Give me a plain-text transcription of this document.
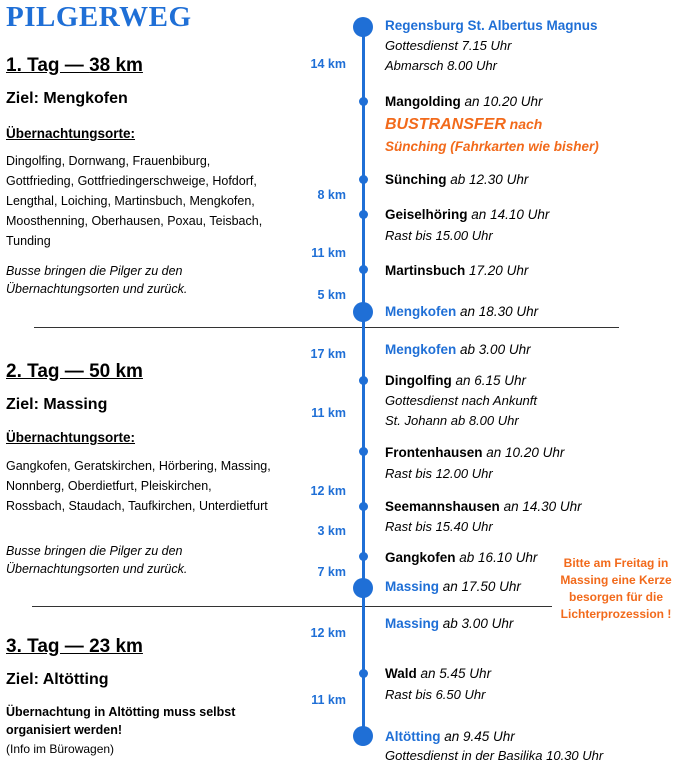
PILGERWEG
1. Tag — 38 km
Ziel: Mengkofen
Übernachtungsorte:
Dingolfing, Dornwang, Frauenbiburg, Gottfrieding, Gottfriedingerschweige, Hofdorf, Lengthal, Loiching, Martinsbuch, Mengkofen, Moosthenning, Oberhausen, Poxau, Teisbach, Tunding
Busse bringen die Pilger zu den Übernachtungsorten und zurück.
2. Tag — 50 km
Ziel: Massing
Übernachtungsorte:
Gangkofen, Geratskirchen, Hörbering, Massing, Nonnberg, Oberdietfurt, Pleiskirchen, Rossbach, Staudach, Taufkirchen, Unterdietfurt
Busse bringen die Pilger zu den Übernachtungsorten und zurück.
3. Tag — 23 km
Ziel: Altötting
Übernachtung in Altötting muss selbst organisiert werden!
(Info im Bürowagen)
14 km
8 km
11 km
5 km
17 km
11 km
12 km
3 km
7 km
12 km
11 km
Regensburg St. Albertus Magnus
Gottesdienst 7.15 Uhr
Abmarsch 8.00 Uhr
Mangolding an 10.20 Uhr
BUSTRANSFER nach
Sünching (Fahrkarten wie bisher)
Sünching ab 12.30 Uhr
Geiselhöring an 14.10 Uhr
Rast bis 15.00 Uhr
Martinsbuch 17.20 Uhr
Mengkofen an 18.30 Uhr
Mengkofen ab 3.00 Uhr
Dingolfing an 6.15 Uhr
Gottesdienst nach Ankunft
St. Johann ab 8.00 Uhr
Frontenhausen an 10.20 Uhr
Rast bis 12.00 Uhr
Seemannshausen an 14.30 Uhr
Rast bis 15.40 Uhr
Gangkofen ab 16.10 Uhr
Massing an 17.50 Uhr
Massing ab 3.00 Uhr
Wald an 5.45 Uhr
Rast bis 6.50 Uhr
Altötting an 9.45 Uhr
Gottesdienst in der Basilika 10.30 Uhr
Bitte am Freitag in Massing eine Kerze besorgen für die Lichterprozession !
